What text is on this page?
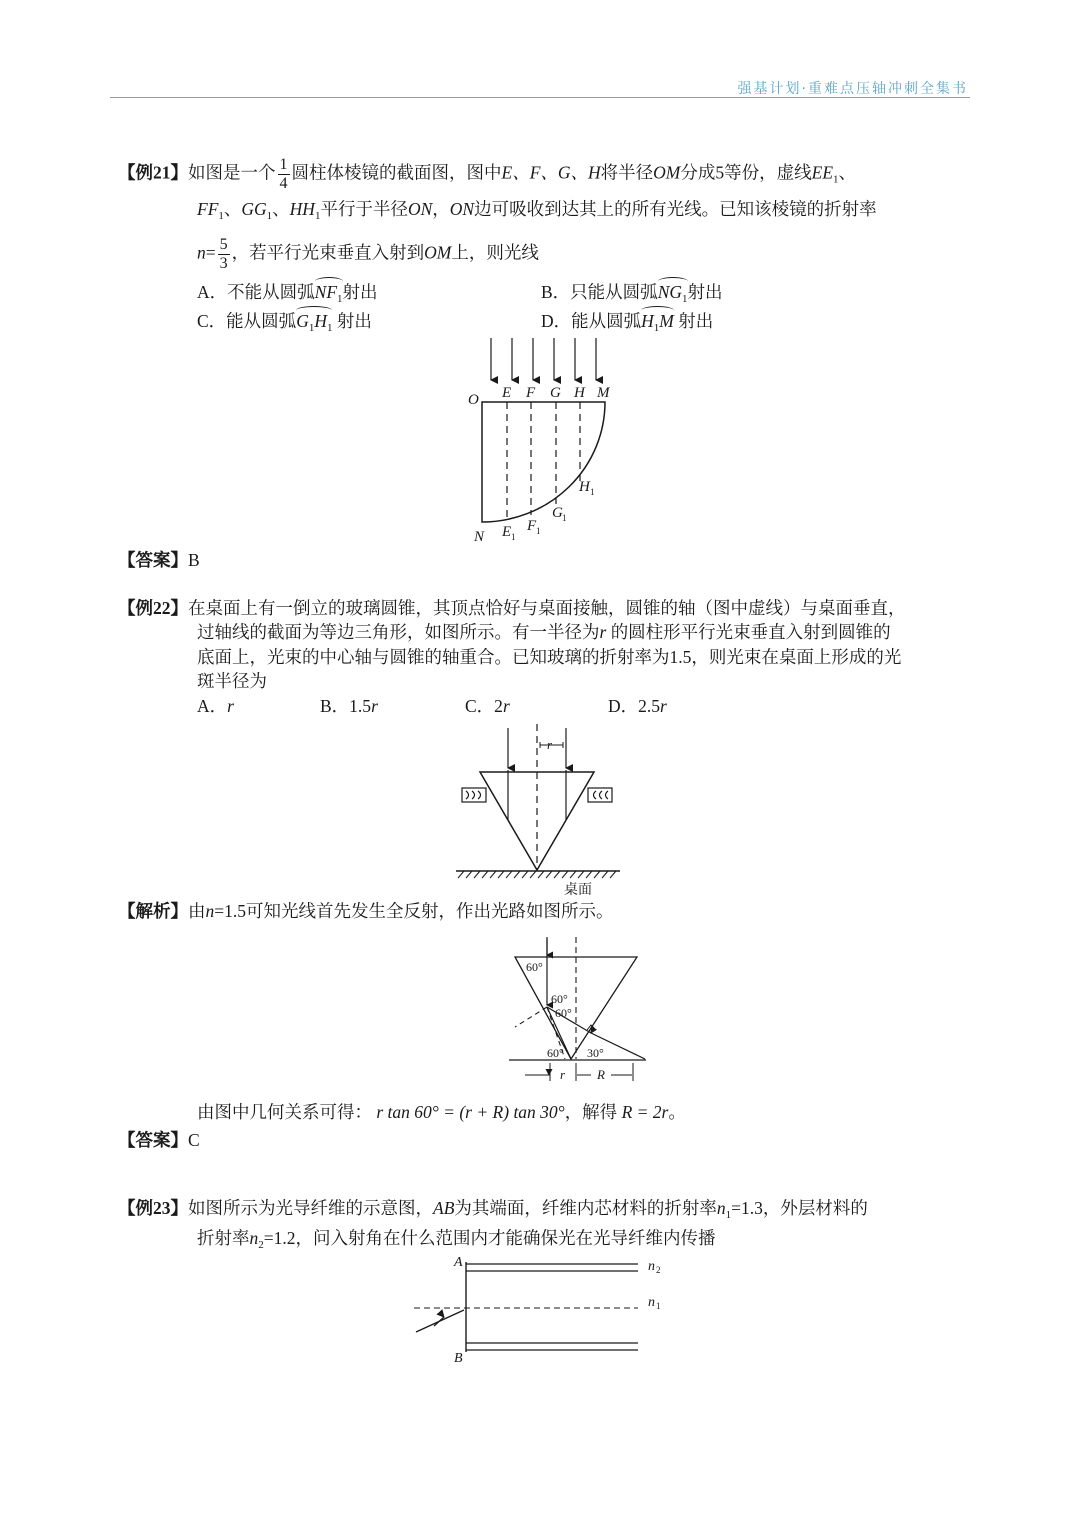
强基计划·重难点压轴冲刺全集书
【例21】如图是一个 $\frac{1}{4}$ 圆柱体棱镜的截面图，图中E、F、G、H将半径OM分成5等份，虚线$EE_1$、
$FF_1$、$GG_1$、$HH_1$平行于半径ON，ON边可吸收到达其上的所有光线。已知该棱镜的折射率
$n= \frac{5}{3}$ ，若平行光束垂直入射到OM上，则光线
A．不能从圆弧$NF_1$射出	B．只能从圆弧$NG_1$射出
C．能从圆弧$G_1H_1$ 射出	D．能从圆弧$H_1M$ 射出
O E F G H M
N E F
G
H
1
1
1
1
【答案】B
【例22】在桌面上有一倒立的玻璃圆锥，其顶点恰好与桌面接触，圆锥的轴（图中虚线）与桌面垂直，
过轴线的截面为等边三角形，如图所示。有一半径为r 的圆柱形平行光束垂直入射到圆锥的
底面上，光束的中心轴与圆锥的轴重合。已知玻璃的折射率为1.5，则光束在桌面上形成的光
斑半径为
A．r	B．1.5r	C．2r	D．2.5r
r
桌面
【解析】由n=1.5可知光线首先发生全反射，作出光路如图所示。
60°
60°
60°
60° 30°
r R
由图中几何关系可得： r tan 60° = (r + R) tan 30°，解得 R = 2r。
【答案】C
【例23】如图所示为光导纤维的示意图，AB为其端面，纤维内芯材料的折射率$n_1=1.3$，外层材料的
折射率$n_2=1.2$，问入射角在什么范围内才能确保光在光导纤维内传播
A
B
n
n
2
1
